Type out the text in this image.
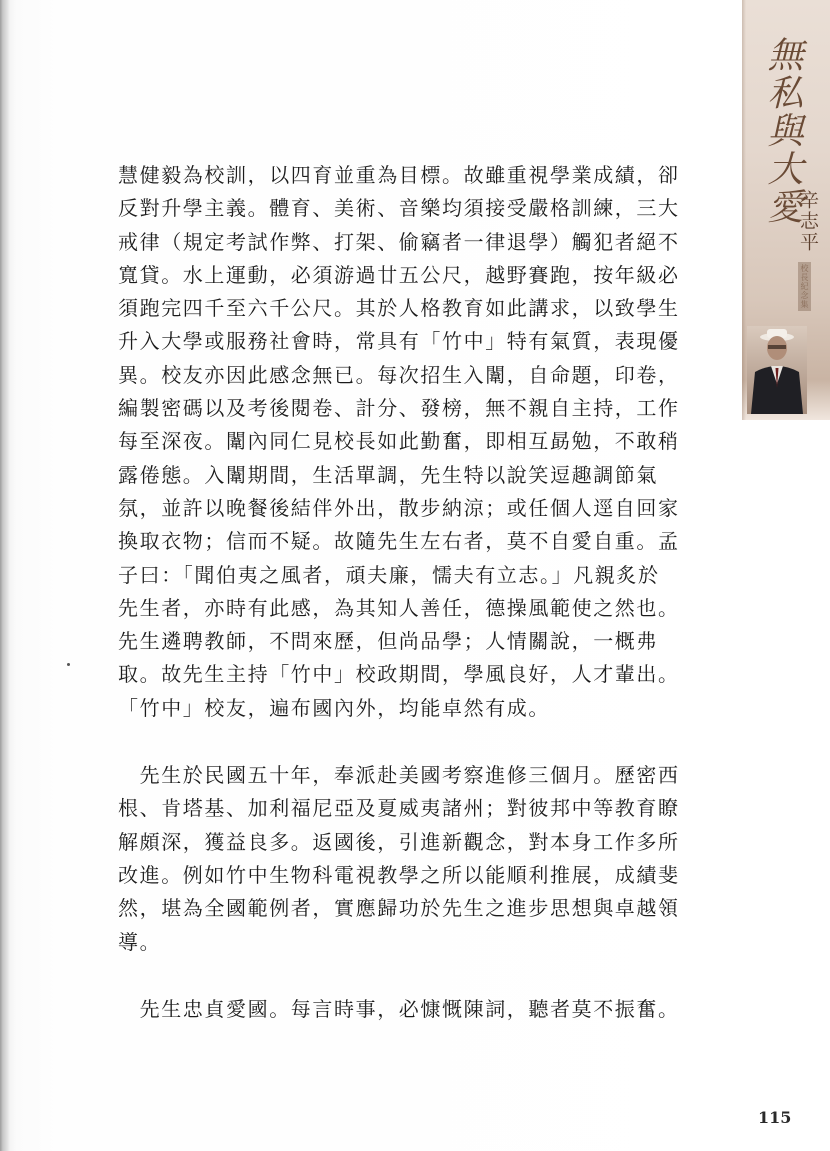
無私與大愛
辛志平
校長紀念集

慧健毅為校訓，以四育並重為目標。故雖重視學業成績，卻

反對升學主義。體育、美術、音樂均須接受嚴格訓練，三大

戒律（規定考試作弊、打架、偷竊者一律退學）觸犯者絕不

寬貸。水上運動，必須游過廿五公尺，越野賽跑，按年級必

須跑完四千至六千公尺。其於人格教育如此講求，以致學生

升入大學或服務社會時，常具有「竹中」特有氣質，表現優

異。校友亦因此感念無已。每次招生入闈，自命題，印卷，

編製密碼以及考後閱卷、計分、發榜，無不親自主持，工作

每至深夜。闈內同仁見校長如此勤奮，即相互勗勉，不敢稍

露倦態。入闈期間，生活單調，先生特以說笑逗趣調節氣

氛，並許以晚餐後結伴外出，散步納涼；或任個人逕自回家

換取衣物；信而不疑。故隨先生左右者，莫不自愛自重。孟

子曰：「聞伯夷之風者，頑夫廉，懦夫有立志。」凡親炙於

先生者，亦時有此感，為其知人善任，德操風範使之然也。

先生遴聘教師，不問來歷，但尚品學；人情關說，一概弗

取。故先生主持「竹中」校政期間，學風良好，人才輩出。

「竹中」校友，遍布國內外，均能卓然有成。

　先生於民國五十年，奉派赴美國考察進修三個月。歷密西

根、肯塔基、加利福尼亞及夏威夷諸州；對彼邦中等教育瞭

解頗深，獲益良多。返國後，引進新觀念，對本身工作多所

改進。例如竹中生物科電視教學之所以能順利推展，成績斐

然，堪為全國範例者，實應歸功於先生之進步思想與卓越領

導。

　先生忠貞愛國。每言時事，必慷慨陳詞，聽者莫不振奮。

115
